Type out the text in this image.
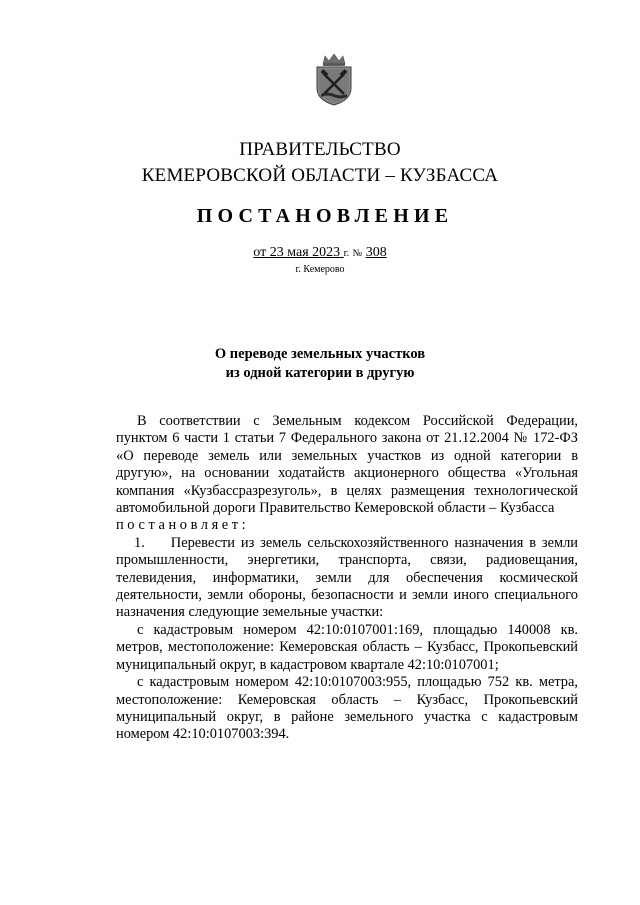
ПРАВИТЕЛЬСТВО
КЕМЕРОВСКОЙ ОБЛАСТИ – КУЗБАССА
ПОСТАНОВЛЕНИЕ
от 23 мая 2023 г. № 308
г. Кемерово
О переводе земельных участков
из одной категории в другую

В соответствии с Земельным кодексом Российской Федерации, пунктом 6 части 1 статьи 7 Федерального закона от 21.12.2004 № 172-ФЗ «О переводе земель или земельных участков из одной категории в другую», на основании ходатайств акционерного общества «Угольная компания «Кузбассразрезуголь», в целях размещения технологической автомобильной дороги Правительство Кемеровской области – Кузбасса

постановляет:

1. Перевести из земель сельскохозяйственного назначения в земли промышленности, энергетики, транспорта, связи, радиовещания, телевидения, информатики, земли для обеспечения космической деятельности, земли обороны, безопасности и земли иного специального назначения следующие земельные участки:

с кадастровым номером 42:10:0107001:169, площадью 140008 кв. метров, местоположение: Кемеровская область – Кузбасс, Прокопьевский муниципальный округ, в кадастровом квартале 42:10:0107001;

с кадастровым номером 42:10:0107003:955, площадью 752 кв. метра, местоположение: Кемеровская область – Кузбасс, Прокопьевский муниципальный округ, в районе земельного участка с кадастровым номером 42:10:0107003:394.
